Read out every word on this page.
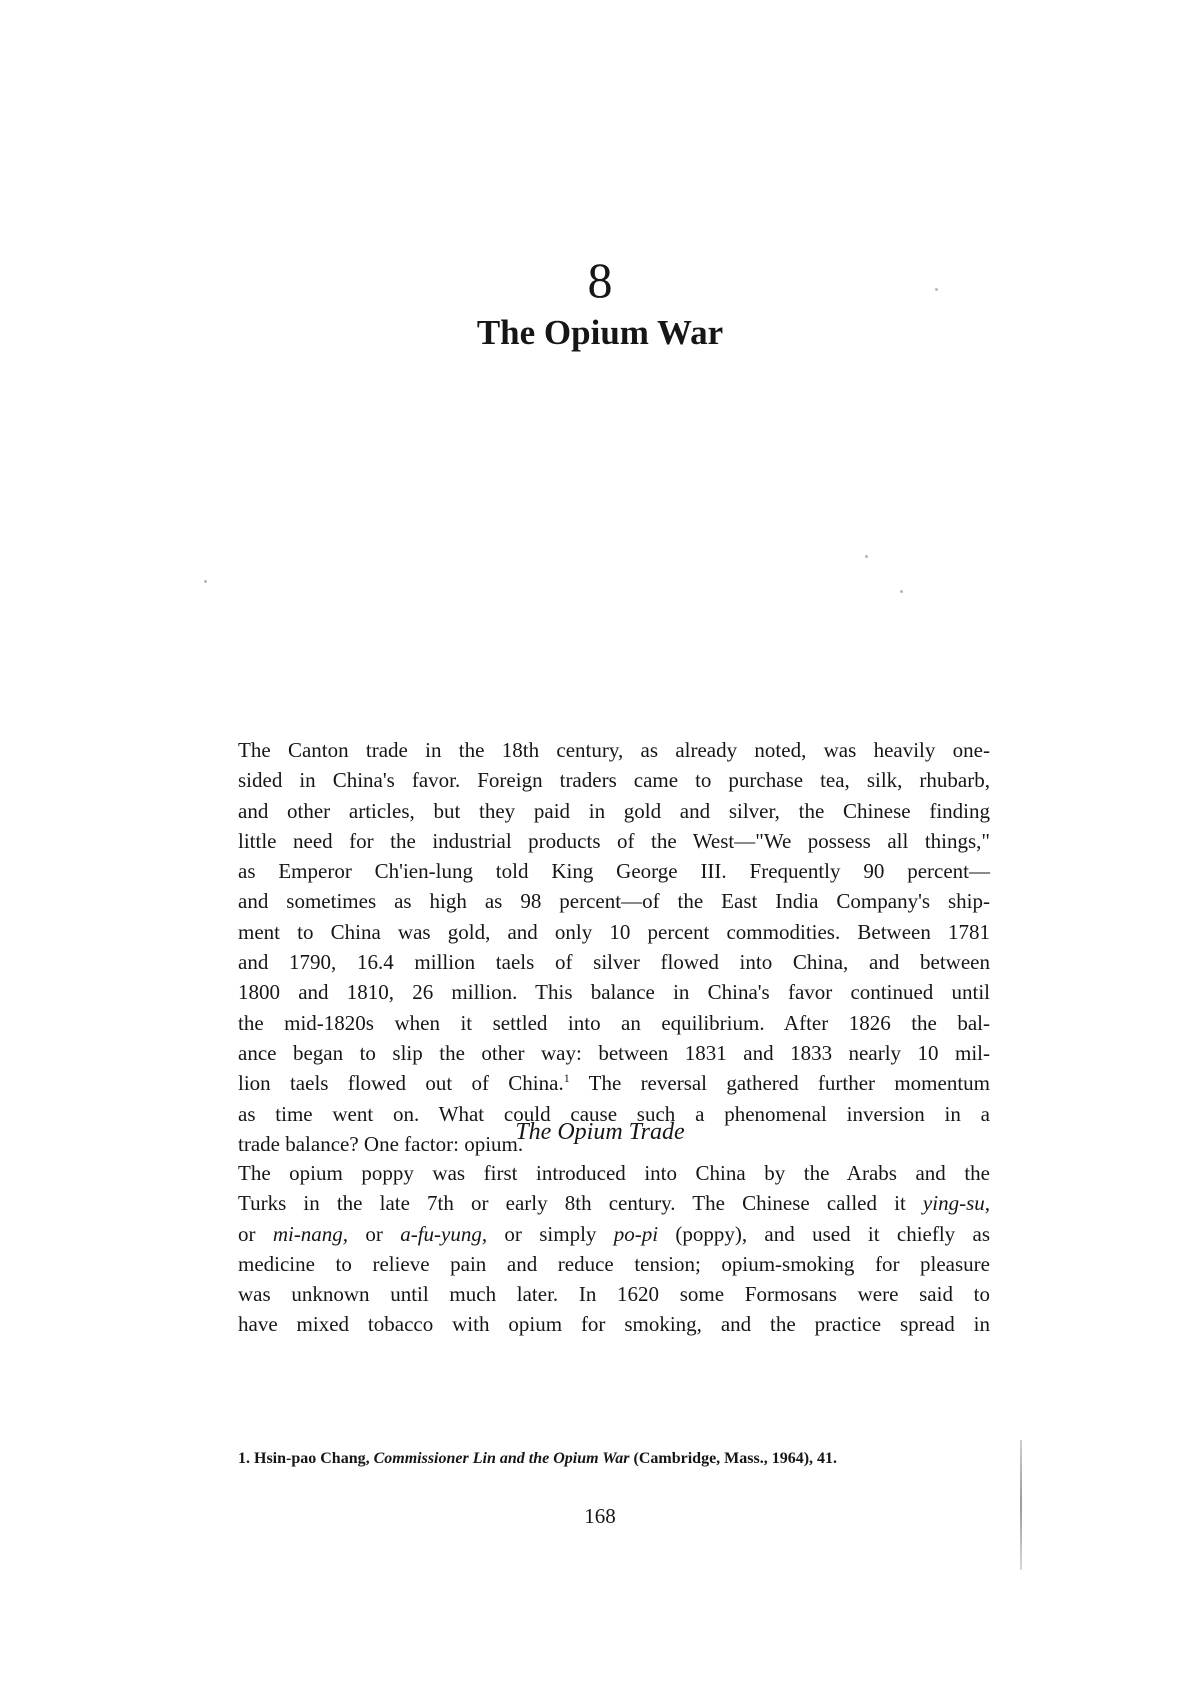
8
The Opium War
The Canton trade in the 18th century, as already noted, was heavily one-
sided in China's favor. Foreign traders came to purchase tea, silk, rhubarb,
and other articles, but they paid in gold and silver, the Chinese finding
little need for the industrial products of the West—"We possess all things,"
as Emperor Ch'ien-lung told King George III. Frequently 90 percent—
and sometimes as high as 98 percent—of the East India Company's ship-
ment to China was gold, and only 10 percent commodities. Between 1781
and 1790, 16.4 million taels of silver flowed into China, and between
1800 and 1810, 26 million. This balance in China's favor continued until
the mid-1820s when it settled into an equilibrium. After 1826 the bal-
ance began to slip the other way: between 1831 and 1833 nearly 10 mil-
lion taels flowed out of China.$^1$ The reversal gathered further momentum
as time went on. What could cause such a phenomenal inversion in a
trade balance? One factor: opium.
The Opium Trade
The opium poppy was first introduced into China by the Arabs and the
Turks in the late 7th or early 8th century. The Chinese called it ying-su,
or mi-nang, or a-fu-yung, or simply po-pi (poppy), and used it chiefly as
medicine to relieve pain and reduce tension; opium-smoking for pleasure
was unknown until much later. In 1620 some Formosans were said to
have mixed tobacco with opium for smoking, and the practice spread in

1. Hsin-pao Chang, Commissioner Lin and the Opium War (Cambridge, Mass., 1964), 41.

168
